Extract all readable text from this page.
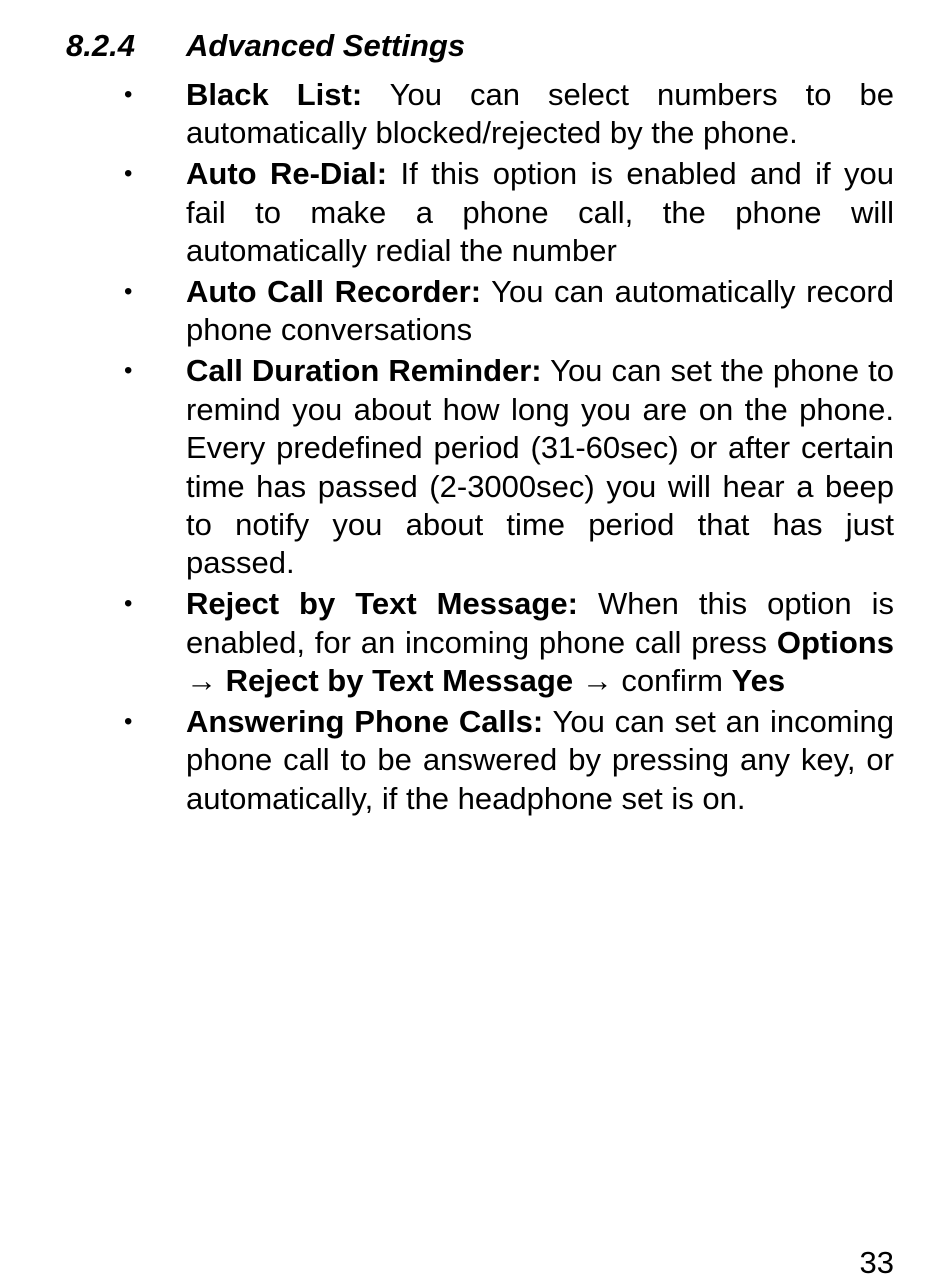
8.2.4 Advanced Settings
• Black List: You can select numbers to be automatically blocked/rejected by the phone.
• Auto Re-Dial: If this option is enabled and if you fail to make a phone call, the phone will automatically redial the number
• Auto Call Recorder: You can automatically record phone conversations
• Call Duration Reminder: You can set the phone to remind you about how long you are on the phone. Every predefined period (31-60sec) or after certain time has passed (2-3000sec) you will hear a beep to notify you about time period that has just passed.
• Reject by Text Message: When this option is enabled, for an incoming phone call press Options → Reject by Text Message → confirm Yes
• Answering Phone Calls: You can set an incoming phone call to be answered by pressing any key, or automatically, if the headphone set is on.
33
